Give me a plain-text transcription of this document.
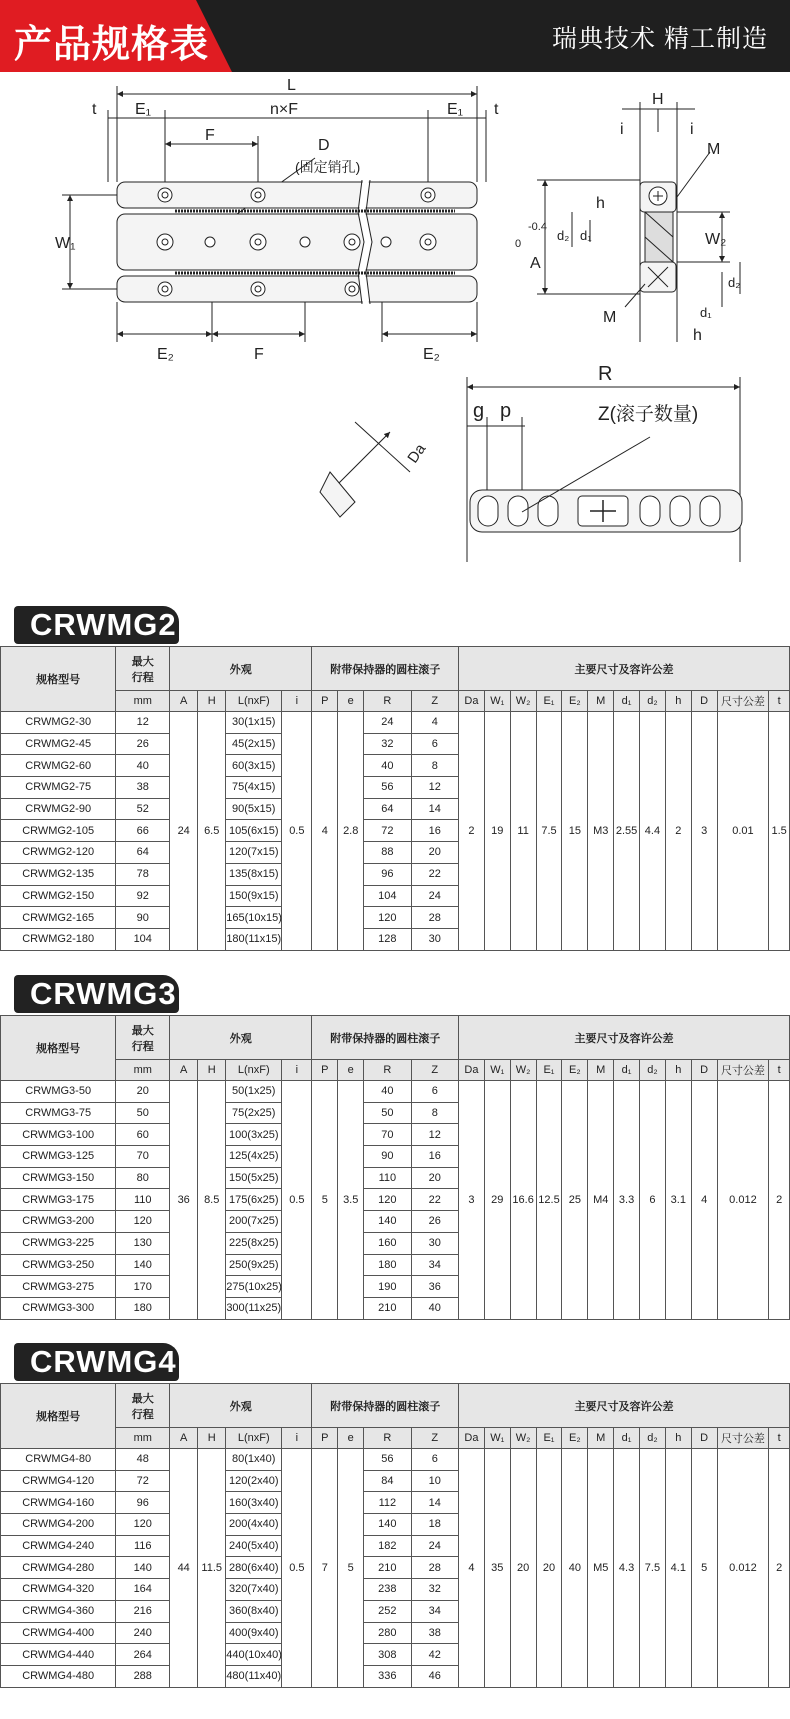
产品规格表	瑞典技术 精工制造
L
n×F
E₁	E₁
t	t
F
D
(固定销孔)
W₁
E₂	F	E₂
H
i	i
M
h
A
0
-0.4
d₂ d₁	W₂
d₂
d₁
M
h
R
g p	Z(滚子数量)
Da
CRWMG2
规格型号	最大
行程	外观				附带保持器的圆柱滚子				主要尺寸及容许公差											
	mm	A	H	L(nxF)	i	P	e	R	Z	Da	W₁	W₂	E₁	E₂	M	d₁	d₂	h	D	尺寸公差	t
CRWMG2-30	12	24	6.5	30(1x15)	0.5	4	2.8	24	4	2	19	11	7.5	15	M3	2.55	4.4	2	3	0.01	1.5
CRWMG2-45	26			45(2x15)				32	6												
CRWMG2-60	40			60(3x15)				40	8												
CRWMG2-75	38			75(4x15)				56	12												
CRWMG2-90	52			90(5x15)				64	14												
CRWMG2-105	66			105(6x15)				72	16												
CRWMG2-120	64			120(7x15)				88	20												
CRWMG2-135	78			135(8x15)				96	22												
CRWMG2-150	92			150(9x15)				104	24												
CRWMG2-165	90			165(10x15)				120	28												
CRWMG2-180	104			180(11x15)				128	30												
CRWMG3
规格型号	最大
行程	外观				附带保持器的圆柱滚子				主要尺寸及容许公差											
	mm	A	H	L(nxF)	i	P	e	R	Z	Da	W₁	W₂	E₁	E₂	M	d₁	d₂	h	D	尺寸公差	t
CRWMG3-50	20	36	8.5	50(1x25)	0.5	5	3.5	40	6	3	29	16.6	12.5	25	M4	3.3	6	3.1	4	0.012	2
CRWMG3-75	50			75(2x25)				50	8												
CRWMG3-100	60			100(3x25)				70	12												
CRWMG3-125	70			125(4x25)				90	16												
CRWMG3-150	80			150(5x25)				110	20												
CRWMG3-175	110			175(6x25)				120	22												
CRWMG3-200	120			200(7x25)				140	26												
CRWMG3-225	130			225(8x25)				160	30												
CRWMG3-250	140			250(9x25)				180	34												
CRWMG3-275	170			275(10x25)				190	36												
CRWMG3-300	180			300(11x25)				210	40												
CRWMG4
规格型号	最大
行程	外观				附带保持器的圆柱滚子				主要尺寸及容许公差											
	mm	A	H	L(nxF)	i	P	e	R	Z	Da	W₁	W₂	E₁	E₂	M	d₁	d₂	h	D	尺寸公差	t
CRWMG4-80	48	44	11.5	80(1x40)	0.5	7	5	56	6	4	35	20	20	40	M5	4.3	7.5	4.1	5	0.012	2
CRWMG4-120	72			120(2x40)				84	10												
CRWMG4-160	96			160(3x40)				112	14												
CRWMG4-200	120			200(4x40)				140	18												
CRWMG4-240	116			240(5x40)				182	24												
CRWMG4-280	140			280(6x40)				210	28												
CRWMG4-320	164			320(7x40)				238	32												
CRWMG4-360	216			360(8x40)				252	34												
CRWMG4-400	240			400(9x40)				280	38												
CRWMG4-440	264			440(10x40)				308	42												
CRWMG4-480	288			480(11x40)				336	46												
